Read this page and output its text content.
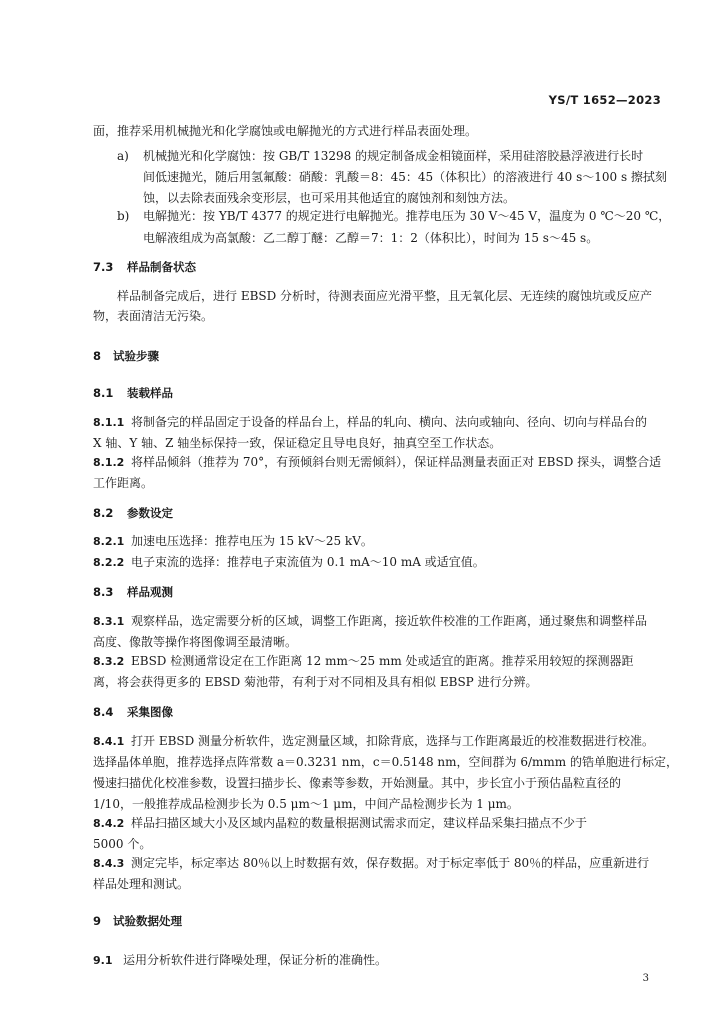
YS/T 1652—2023
面，推荐采用机械抛光和化学腐蚀或电解抛光的方式进行样品表面处理。
a) 机械抛光和化学腐蚀：按 GB/T 13298 的规定制备成金相镜面样，采用硅溶胶悬浮液进行长时
间低速抛光，随后用氢氟酸：硝酸：乳酸＝8：45：45（体积比）的溶液进行 40 s～100 s 擦拭刻
蚀，以去除表面残余变形层，也可采用其他适宜的腐蚀剂和刻蚀方法。
b) 电解抛光：按 YB/T 4377 的规定进行电解抛光。推荐电压为 30 V～45 V，温度为 0 ℃～20 ℃，
电解液组成为高氯酸：乙二醇丁醚：乙醇＝7：1：2（体积比），时间为 15 s～45 s。
7.3 样品制备状态
样品制备完成后，进行 EBSD 分析时，待测表面应光滑平整，且无氧化层、无连续的腐蚀坑或反应产
物，表面清洁无污染。
8 试验步骤
8.1 装载样品
8.1.1 将制备完的样品固定于设备的样品台上，样品的轧向、横向、法向或轴向、径向、切向与样品台的
X 轴、Y 轴、Z 轴坐标保持一致，保证稳定且导电良好，抽真空至工作状态。
8.1.2 将样品倾斜（推荐为 70°，有预倾斜台则无需倾斜），保证样品测量表面正对 EBSD 探头，调整合适
工作距离。
8.2 参数设定
8.2.1 加速电压选择：推荐电压为 15 kV～25 kV。
8.2.2 电子束流的选择：推荐电子束流值为 0.1 mA～10 mA 或适宜值。
8.3 样品观测
8.3.1 观察样品，选定需要分析的区域，调整工作距离，接近软件校准的工作距离，通过聚焦和调整样品
高度、像散等操作将图像调至最清晰。
8.3.2 EBSD 检测通常设定在工作距离 12 mm～25 mm 处或适宜的距离。推荐采用较短的探测器距
离，将会获得更多的 EBSD 菊池带，有利于对不同相及具有相似 EBSP 进行分辨。
8.4 采集图像
8.4.1 打开 EBSD 测量分析软件，选定测量区域，扣除背底，选择与工作距离最近的校准数据进行校准。
选择晶体单胞，推荐选择点阵常数 a＝0.3231 nm，c＝0.5148 nm，空间群为 6/mmm 的锆单胞进行标定，
慢速扫描优化校准参数，设置扫描步长、像素等参数，开始测量。其中，步长宜小于预估晶粒直径的
1/10，一般推荐成品检测步长为 0.5 μm～1 μm，中间产品检测步长为 1 μm。
8.4.2 样品扫描区域大小及区域内晶粒的数量根据测试需求而定，建议样品采集扫描点不少于
5000 个。
8.4.3 测定完毕，标定率达 80％以上时数据有效，保存数据。对于标定率低于 80％的样品，应重新进行
样品处理和测试。
9 试验数据处理
9.1 运用分析软件进行降噪处理，保证分析的准确性。
3
